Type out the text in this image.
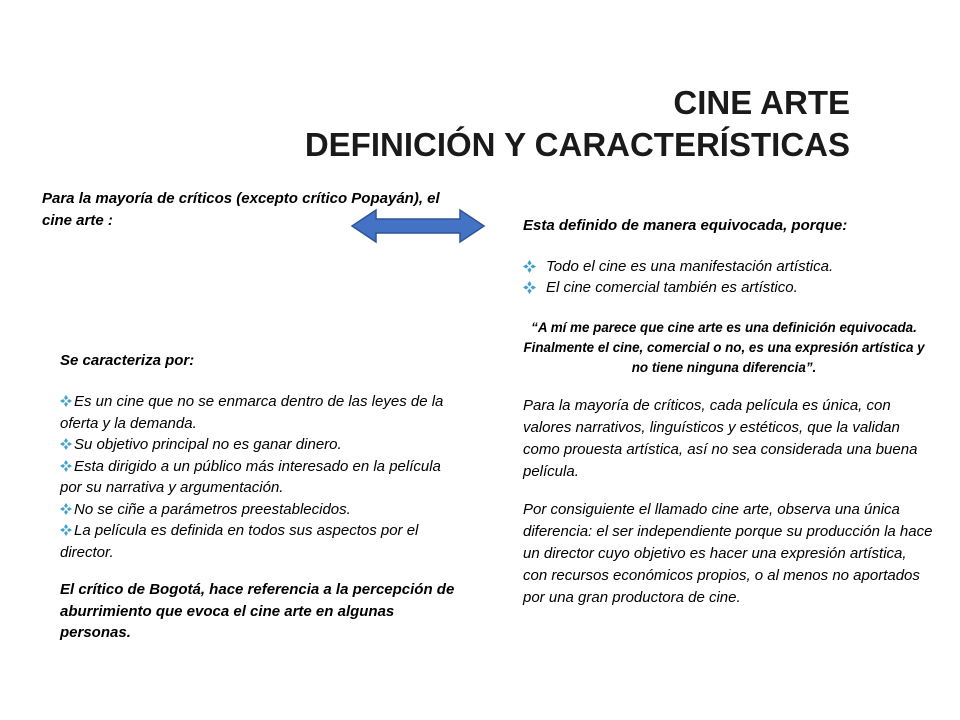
CINE ARTE
DEFINICIÓN Y CARACTERÍSTICAS
Para la mayoría de críticos (excepto crítico Popayán), el cine arte :	Esta definido de manera equivocada, porque:
Todo el cine es una manifestación artística.
El cine comercial también es artístico.
“A mí me parece que cine arte es una definición equivocada. Finalmente el cine, comercial o no, es una expresión artística y no tiene ninguna diferencia”.
Para la mayoría de críticos, cada película es única, con valores narrativos, linguísticos y estéticos, que la validan como prouesta artística, así no sea considerada una buena película.
Por consiguiente el llamado cine arte, observa una única diferencia: el ser independiente porque su producción la hace un director cuyo objetivo es hacer una expresión artística, con recursos económicos propios, o al menos no aportados por una gran productora de cine.
Se caracteriza por:
Es un cine que no se enmarca dentro de las leyes de la oferta y la demanda.
Su objetivo principal no es ganar dinero.
Esta dirigido a un público más interesado en la película por su narrativa y argumentación.
No se ciñe a parámetros preestablecidos.
La película es definida en todos sus aspectos por el director.
El crítico de Bogotá, hace referencia a la percepción de aburrimiento que evoca el cine arte en algunas personas.
